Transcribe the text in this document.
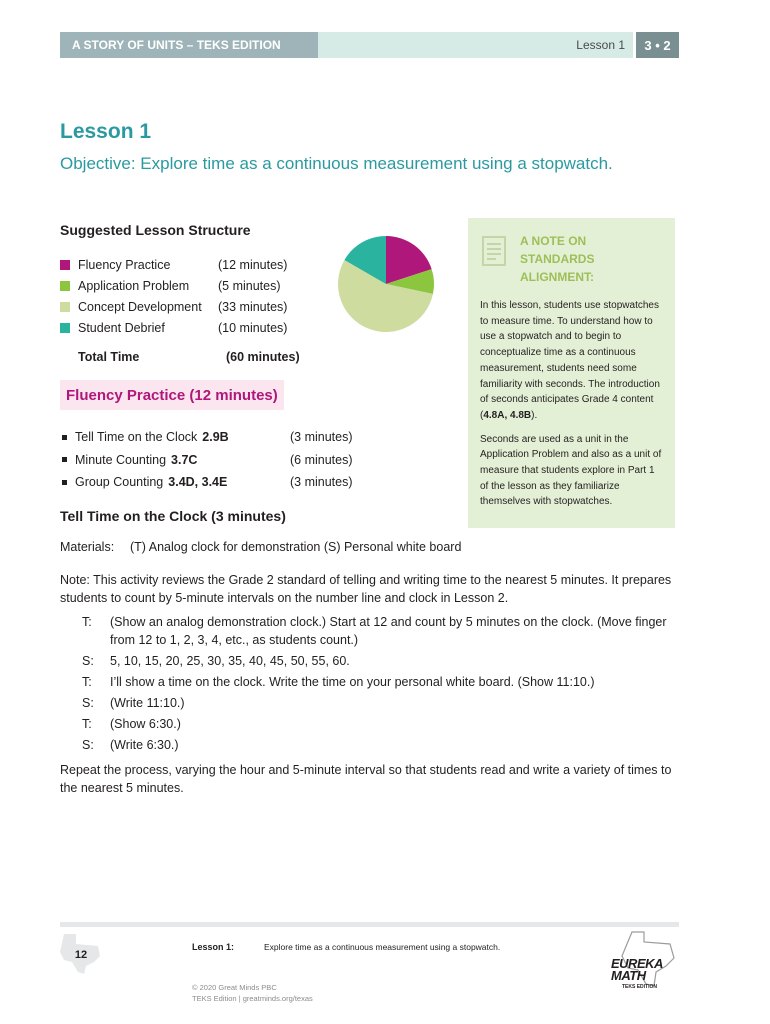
A STORY OF UNITS – TEKS EDITION	Lesson 1	3 • 2
Lesson 1
Objective: Explore time as a continuous measurement using a stopwatch.
Suggested Lesson Structure
Fluency Practice	(12 minutes)
Application Problem	(5 minutes)
Concept Development	(33 minutes)
Student Debrief	(10 minutes)
Total Time	(60 minutes)
A NOTE ON
STANDARDS
ALIGNMENT:

In this lesson, students use stopwatches to measure time. To understand how to use a stopwatch and to begin to conceptualize time as a continuous measurement, students need some familiarity with seconds. The introduction of seconds anticipates Grade 4 content (4.8A, 4.8B).

Seconds are used as a unit in the Application Problem and also as a unit of measure that students explore in Part 1 of the lesson as they familiarize themselves with stopwatches.

Fluency Practice (12 minutes)
Tell Time on the Clock 2.9B	(3 minutes)
Minute Counting 3.7C	(6 minutes)
Group Counting 3.4D, 3.4E	(3 minutes)
Tell Time on the Clock (3 minutes)
Materials: (T) Analog clock for demonstration (S) Personal white board
Note: This activity reviews the Grade 2 standard of telling and writing time to the nearest 5 minutes. It prepares students to count by 5-minute intervals on the number line and clock in Lesson 2.
T:	(Show an analog demonstration clock.) Start at 12 and count by 5 minutes on the clock. (Move finger from 12 to 1, 2, 3, 4, etc., as students count.)
S:	5, 10, 15, 20, 25, 30, 35, 40, 45, 50, 55, 60.
T:	I’ll show a time on the clock. Write the time on your personal white board. (Show 11:10.)
S:	(Write 11:10.)
T:	(Show 6:30.)
S:	(Write 6:30.)
Repeat the process, varying the hour and 5-minute interval so that students read and write a variety of times to the nearest 5 minutes.
12
Lesson 1:	Explore time as a continuous measurement using a stopwatch.
© 2020 Great Minds PBC
TEKS Edition | greatminds.org/texas
EUREKA
MATH
TEKS EDITION
